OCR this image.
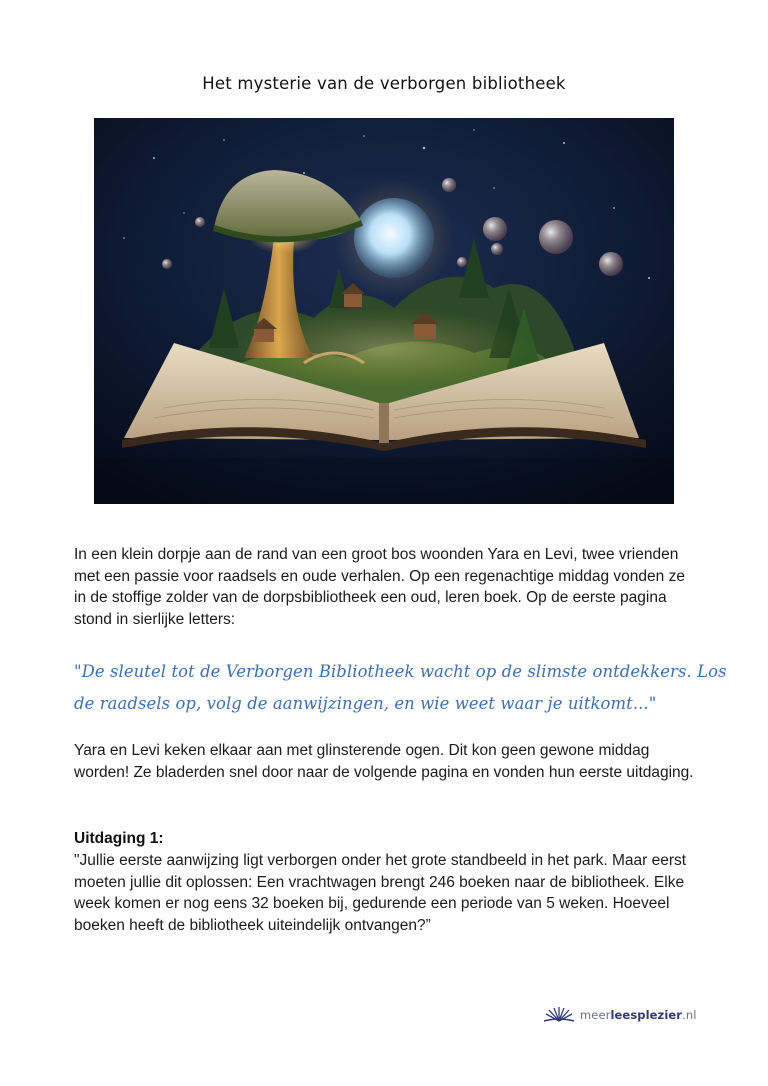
Het mysterie van de verborgen bibliotheek
In een klein dorpje aan de rand van een groot bos woonden Yara en Levi, twee vrienden met een passie voor raadsels en oude verhalen. Op een regenachtige middag vonden ze in de stoffige zolder van de dorpsbibliotheek een oud, leren boek. Op de eerste pagina stond in sierlijke letters:
"De sleutel tot de Verborgen Bibliotheek wacht op de slimste ontdekkers. Los de raadsels op, volg de aanwijzingen, en wie weet waar je uitkomt..."
Yara en Levi keken elkaar aan met glinsterende ogen. Dit kon geen gewone middag worden! Ze bladerden snel door naar de volgende pagina en vonden hun eerste uitdaging.
Uitdaging 1:
"Jullie eerste aanwijzing ligt verborgen onder het grote standbeeld in het park. Maar eerst moeten jullie dit oplossen: Een vrachtwagen brengt 246 boeken naar de bibliotheek. Elke week komen er nog eens 32 boeken bij, gedurende een periode van 5 weken. Hoeveel boeken heeft de bibliotheek uiteindelijk ontvangen?”
meerleesplezier.nl
